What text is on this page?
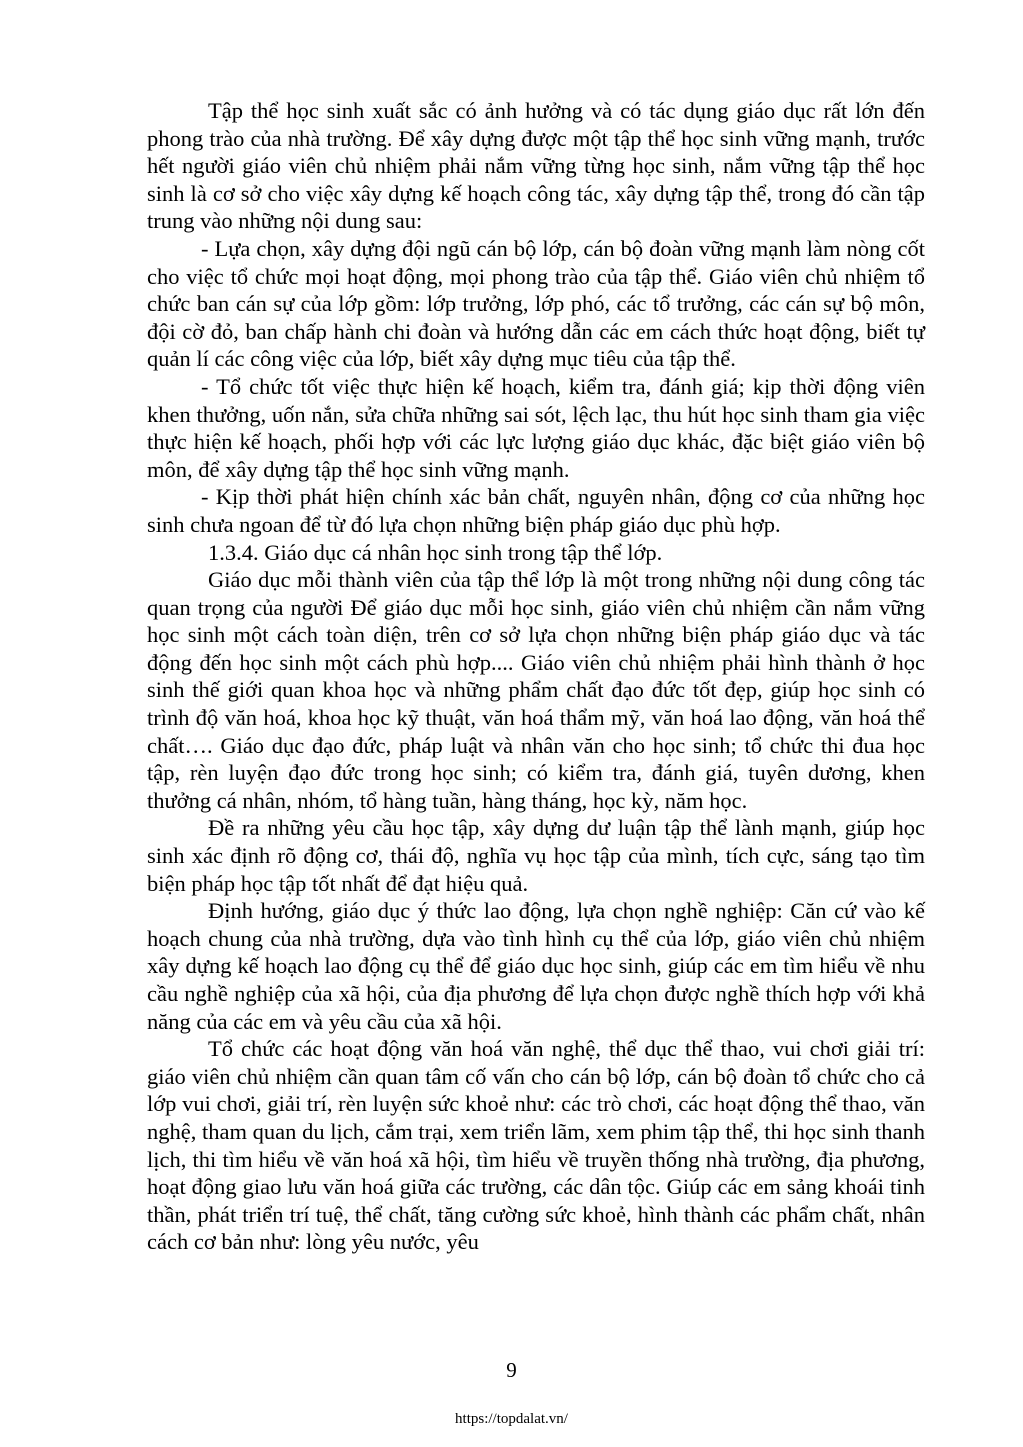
Tập thể học sinh xuất sắc có ảnh hưởng và có tác dụng giáo dục rất lớn đến phong trào của nhà trường. Để xây dựng được một tập thể học sinh vững mạnh, trước hết người giáo viên chủ nhiệm phải nắm vững từng học sinh, nắm vững tập thể học sinh là cơ sở cho việc xây dựng kế hoạch công tác, xây dựng tập thể, trong đó cần tập trung vào những nội dung sau:

- Lựa chọn, xây dựng đội ngũ cán bộ lớp, cán bộ đoàn vững mạnh làm nòng cốt cho việc tổ chức mọi hoạt động, mọi phong trào của tập thể. Giáo viên chủ nhiệm tổ chức ban cán sự của lớp gồm: lớp trưởng, lớp phó, các tổ trưởng, các cán sự bộ môn, đội cờ đỏ, ban chấp hành chi đoàn và hướng dẫn các em cách thức hoạt động, biết tự quản lí các công việc của lớp, biết xây dựng mục tiêu của tập thể.

- Tổ chức tốt việc thực hiện kế hoạch, kiểm tra, đánh giá; kịp thời động viên khen thưởng, uốn nắn, sửa chữa những sai sót, lệch lạc, thu hút học sinh tham gia việc thực hiện kế hoạch, phối hợp với các lực lượng giáo dục khác, đặc biệt giáo viên bộ môn, để xây dựng tập thể học sinh vững mạnh.

- Kịp thời phát hiện chính xác bản chất, nguyên nhân, động cơ của những học sinh chưa ngoan để từ đó lựa chọn những biện pháp giáo dục phù hợp.

1.3.4. Giáo dục cá nhân học sinh trong tập thể lớp.

Giáo dục mỗi thành viên của tập thể lớp là một trong những nội dung công tác quan trọng của người Để giáo dục mỗi học sinh, giáo viên chủ nhiệm cần nắm vững học sinh một cách toàn diện, trên cơ sở lựa chọn những biện pháp giáo dục và tác động đến học sinh một cách phù hợp.... Giáo viên chủ nhiệm phải hình thành ở học sinh thế giới quan khoa học và những phẩm chất đạo đức tốt đẹp, giúp học sinh có trình độ văn hoá, khoa học kỹ thuật, văn hoá thẩm mỹ, văn hoá lao động, văn hoá thể chất…. Giáo dục đạo đức, pháp luật và nhân văn cho học sinh; tổ chức thi đua học tập, rèn luyện đạo đức trong học sinh; có kiểm tra, đánh giá, tuyên dương, khen thưởng cá nhân, nhóm, tổ hàng tuần, hàng tháng, học kỳ, năm học.

Đề ra những yêu cầu học tập, xây dựng dư luận tập thể lành mạnh, giúp học sinh xác định rõ động cơ, thái độ, nghĩa vụ học tập của mình, tích cực, sáng tạo tìm biện pháp học tập tốt nhất để đạt hiệu quả.

Định hướng, giáo dục ý thức lao động, lựa chọn nghề nghiệp: Căn cứ vào kế hoạch chung của nhà trường, dựa vào tình hình cụ thể của lớp, giáo viên chủ nhiệm xây dựng kế hoạch lao động cụ thể để giáo dục học sinh, giúp các em tìm hiểu về nhu cầu nghề nghiệp của xã hội, của địa phương để lựa chọn được nghề thích hợp với khả năng của các em và yêu cầu của xã hội.

Tổ chức các hoạt động văn hoá văn nghệ, thể dục thể thao, vui chơi giải trí: giáo viên chủ nhiệm cần quan tâm cố vấn cho cán bộ lớp, cán bộ đoàn tổ chức cho cả lớp vui chơi, giải trí, rèn luyện sức khoẻ như: các trò chơi, các hoạt động thể thao, văn nghệ, tham quan du lịch, cắm trại, xem triển lãm, xem phim tập thể, thi học sinh thanh lịch, thi tìm hiểu về văn hoá xã hội, tìm hiểu về truyền thống nhà trường, địa phương, hoạt động giao lưu văn hoá giữa các trường, các dân tộc. Giúp các em sảng khoái tinh thần, phát triển trí tuệ, thể chất, tăng cường sức khoẻ, hình thành các phẩm chất, nhân cách cơ bản như: lòng yêu nước, yêu

9
https://topdalat.vn/
